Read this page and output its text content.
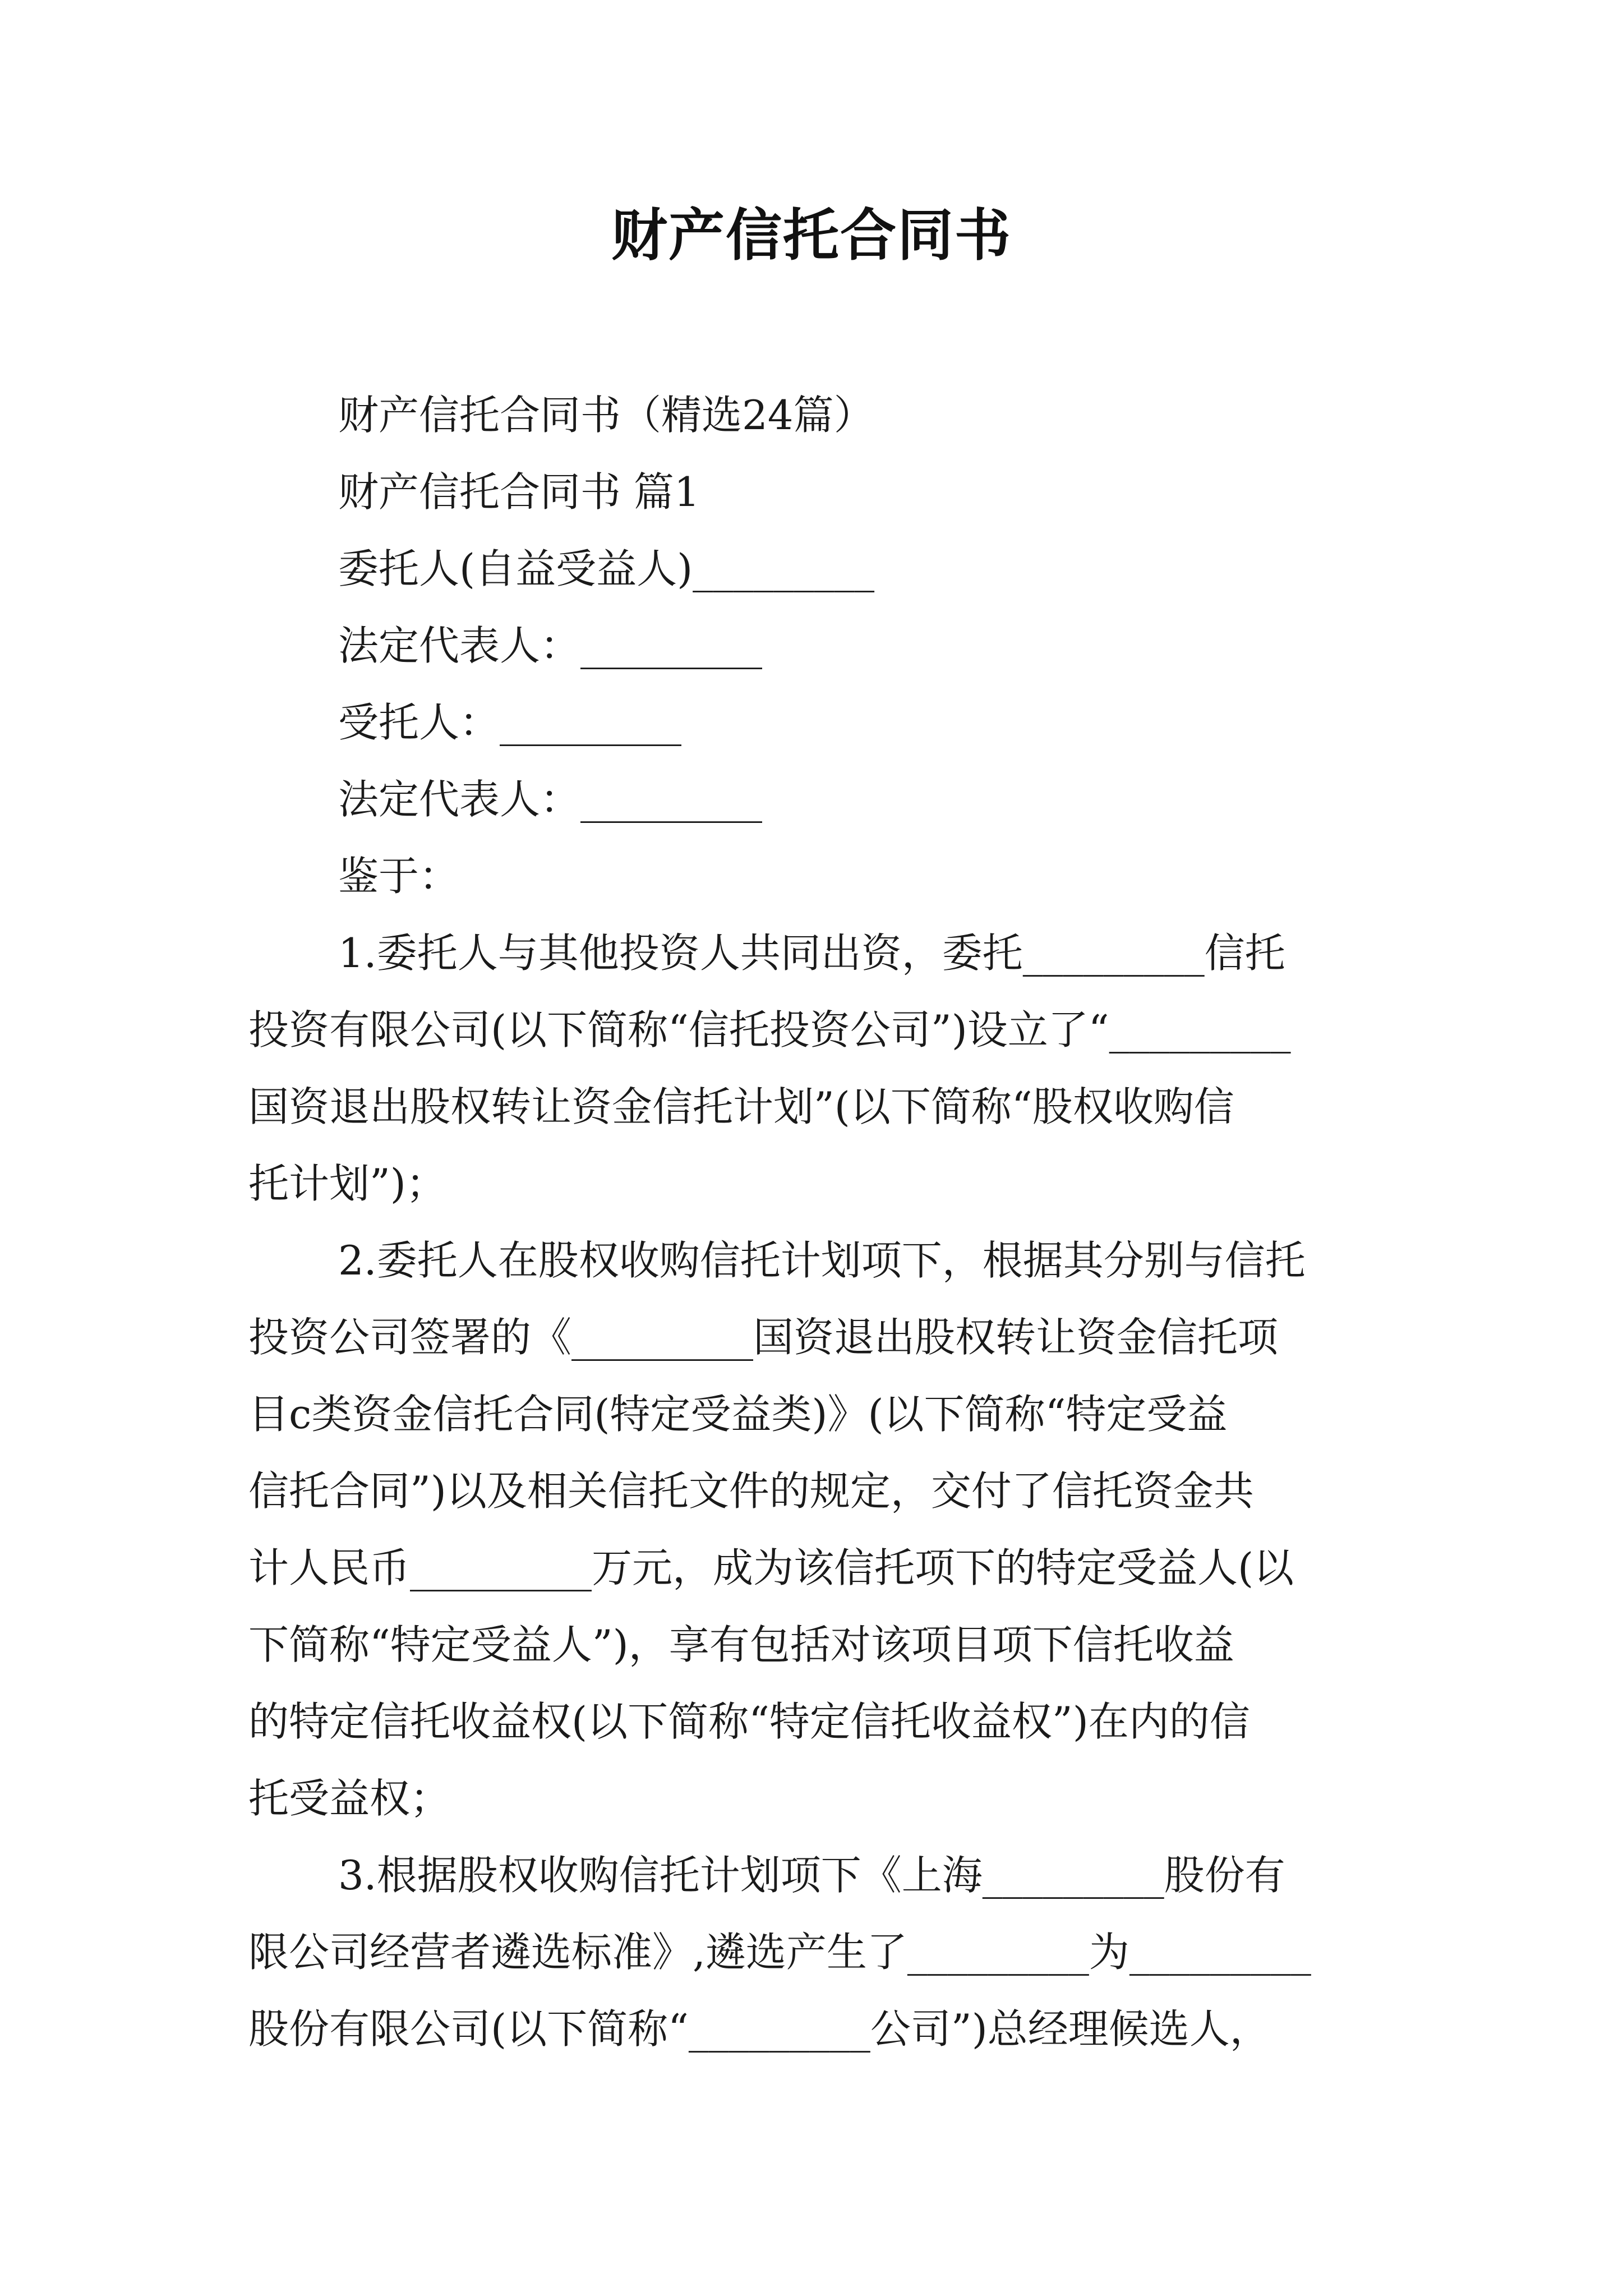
财产信托合同书
财产信托合同书（精选24篇）
财产信托合同书 篇1
委托人(自益受益人)_________
法定代表人：_________
受托人：_________
法定代表人：_________
鉴于：
1.委托人与其他投资人共同出资，委托_________信托
投资有限公司(以下简称“信托投资公司”)设立了“_________
国资退出股权转让资金信托计划”(以下简称“股权收购信
托计划”)；
2.委托人在股权收购信托计划项下，根据其分别与信托
投资公司签署的《_________国资退出股权转让资金信托项
目c类资金信托合同(特定受益类)》(以下简称“特定受益
信托合同”)以及相关信托文件的规定，交付了信托资金共
计人民币_________万元，成为该信托项下的特定受益人(以
下简称“特定受益人”)，享有包括对该项目项下信托收益
的特定信托收益权(以下简称“特定信托收益权”)在内的信
托受益权；
3.根据股权收购信托计划项下《上海_________股份有
限公司经营者遴选标准》,遴选产生了_________为_________
股份有限公司(以下简称“_________公司”)总经理候选人，
